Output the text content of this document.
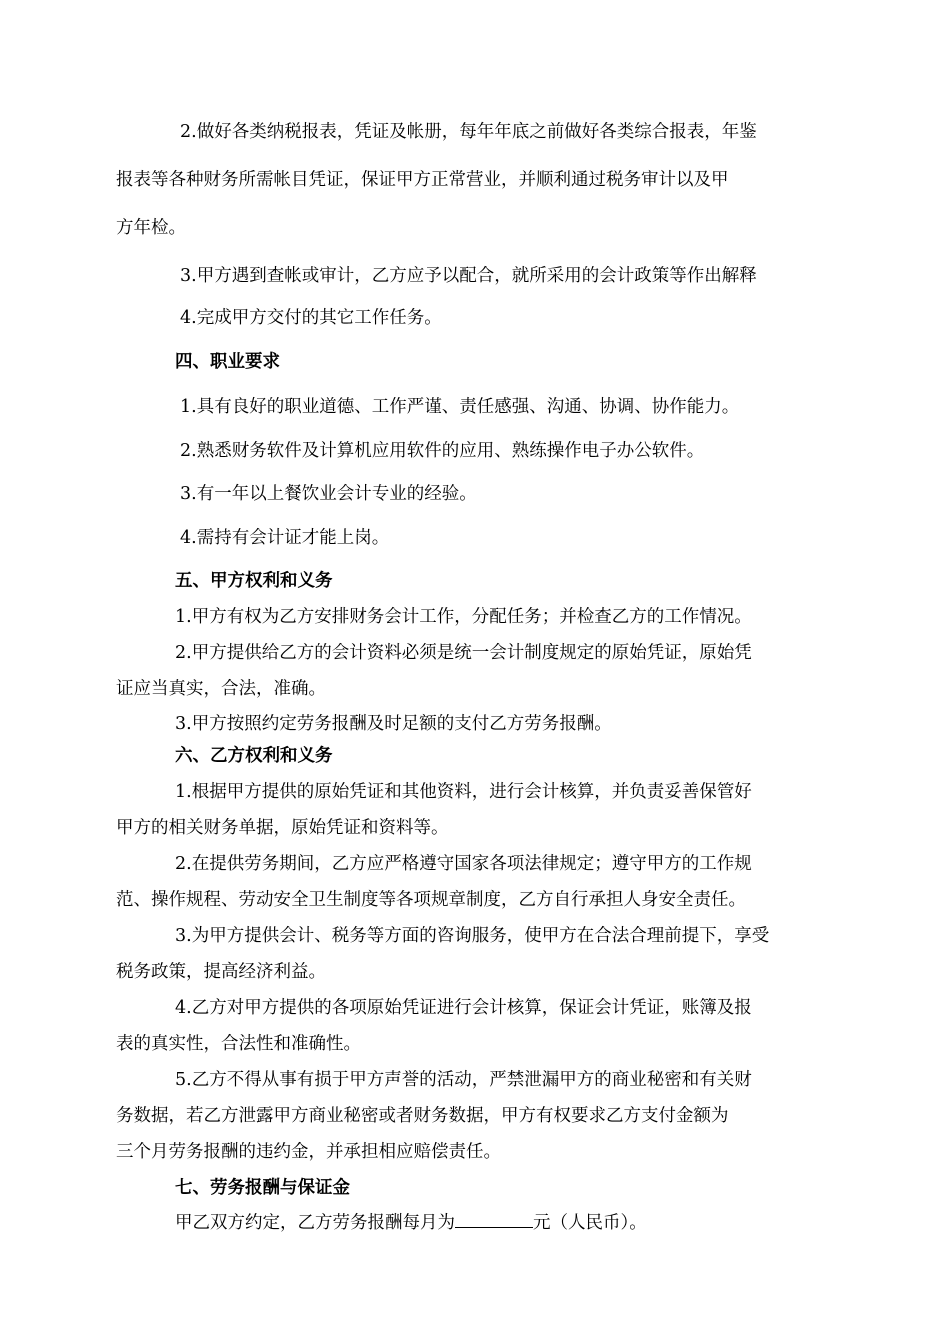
2.做好各类纳税报表，凭证及帐册，每年年底之前做好各类综合报表，年鉴
报表等各种财务所需帐目凭证，保证甲方正常营业，并顺利通过税务审计以及甲
方年检。
3.甲方遇到查帐或审计，乙方应予以配合，就所采用的会计政策等作出解释
4.完成甲方交付的其它工作任务。
四、职业要求
1.具有良好的职业道德、工作严谨、责任感强、沟通、协调、协作能力。
2.熟悉财务软件及计算机应用软件的应用、熟练操作电子办公软件。
3.有一年以上餐饮业会计专业的经验。
4.需持有会计证才能上岗。
五、甲方权利和义务
1.甲方有权为乙方安排财务会计工作，分配任务；并检查乙方的工作情况。
2.甲方提供给乙方的会计资料必须是统一会计制度规定的原始凭证，原始凭
证应当真实，合法，准确。
3.甲方按照约定劳务报酬及时足额的支付乙方劳务报酬。
六、乙方权利和义务
1.根据甲方提供的原始凭证和其他资料，进行会计核算，并负责妥善保管好
甲方的相关财务单据，原始凭证和资料等。
2.在提供劳务期间，乙方应严格遵守国家各项法律规定；遵守甲方的工作规
范、操作规程、劳动安全卫生制度等各项规章制度，乙方自行承担人身安全责任。
3.为甲方提供会计、税务等方面的咨询服务，使甲方在合法合理前提下，享受
税务政策，提高经济利益。
4.乙方对甲方提供的各项原始凭证进行会计核算，保证会计凭证，账簿及报
表的真实性，合法性和准确性。
5.乙方不得从事有损于甲方声誉的活动，严禁泄漏甲方的商业秘密和有关财
务数据，若乙方泄露甲方商业秘密或者财务数据，甲方有权要求乙方支付金额为
三个月劳务报酬的违约金，并承担相应赔偿责任。
七、劳务报酬与保证金
甲乙双方约定，乙方劳务报酬每月为	元（人民币）。
